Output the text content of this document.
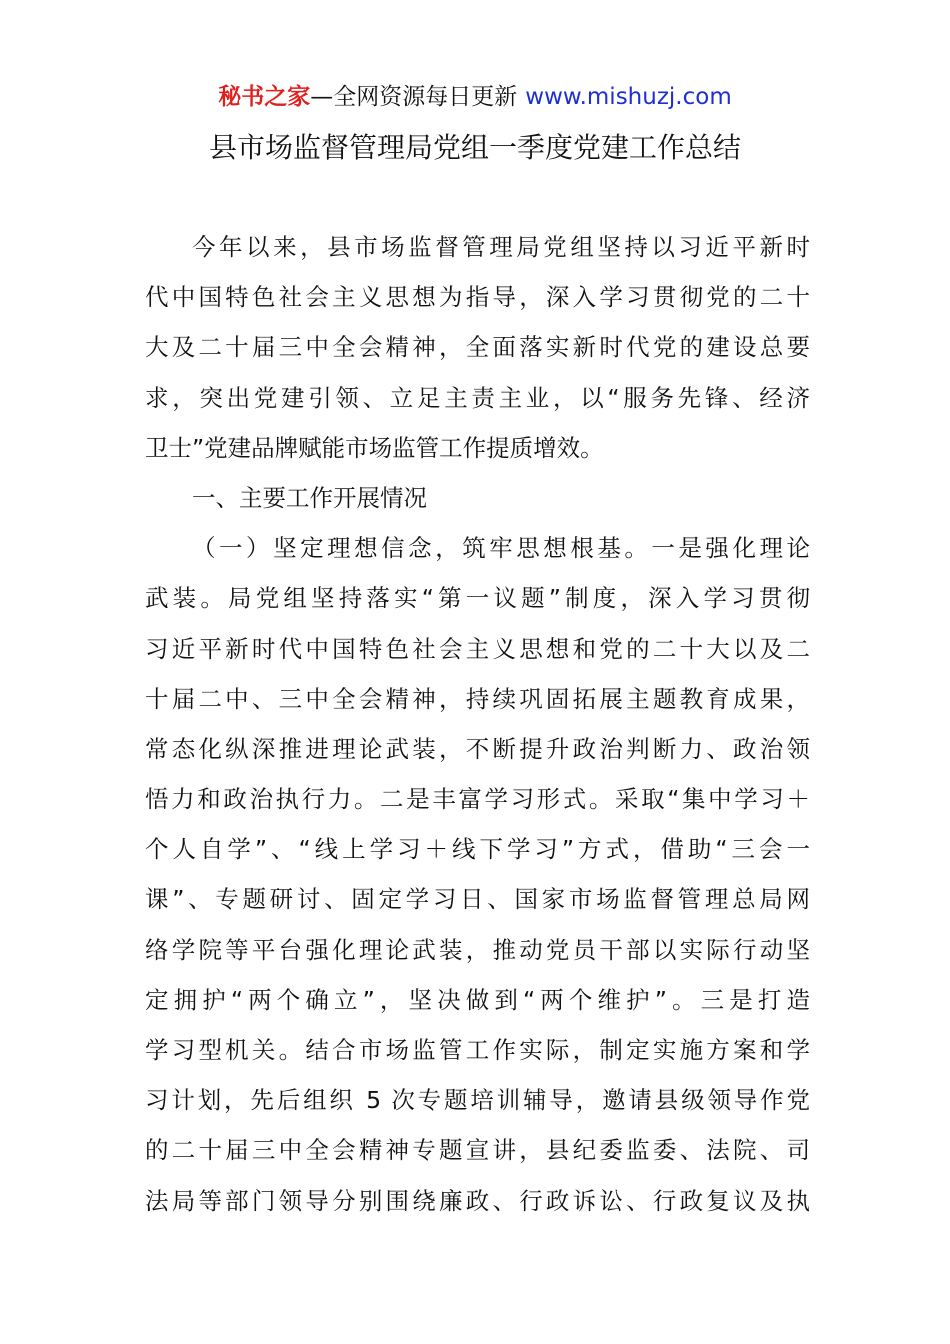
秘书之家—全网资源每日更新 www.mishuzj.com
县市场监督管理局党组一季度党建工作总结
今年以来，县市场监督管理局党组坚持以习近平新时
代中国特色社会主义思想为指导，深入学习贯彻党的二十
大及二十届三中全会精神，全面落实新时代党的建设总要
求，突出党建引领、立足主责主业，以“服务先锋、经济
卫士”党建品牌赋能市场监管工作提质增效。
一、主要工作开展情况
（一）坚定理想信念，筑牢思想根基。一是强化理论
武装。局党组坚持落实“第一议题”制度，深入学习贯彻
习近平新时代中国特色社会主义思想和党的二十大以及二
十届二中、三中全会精神，持续巩固拓展主题教育成果，
常态化纵深推进理论武装，不断提升政治判断力、政治领
悟力和政治执行力。二是丰富学习形式。采取“集中学习＋
个人自学”、“线上学习＋线下学习”方式，借助“三会一
课”、专题研讨、固定学习日、国家市场监督管理总局网
络学院等平台强化理论武装，推动党员干部以实际行动坚
定拥护“两个确立”，坚决做到“两个维护”。三是打造
学习型机关。结合市场监管工作实际，制定实施方案和学
习计划，先后组织 5 次专题培训辅导，邀请县级领导作党
的二十届三中全会精神专题宣讲，县纪委监委、法院、司
法局等部门领导分别围绕廉政、行政诉讼、行政复议及执
